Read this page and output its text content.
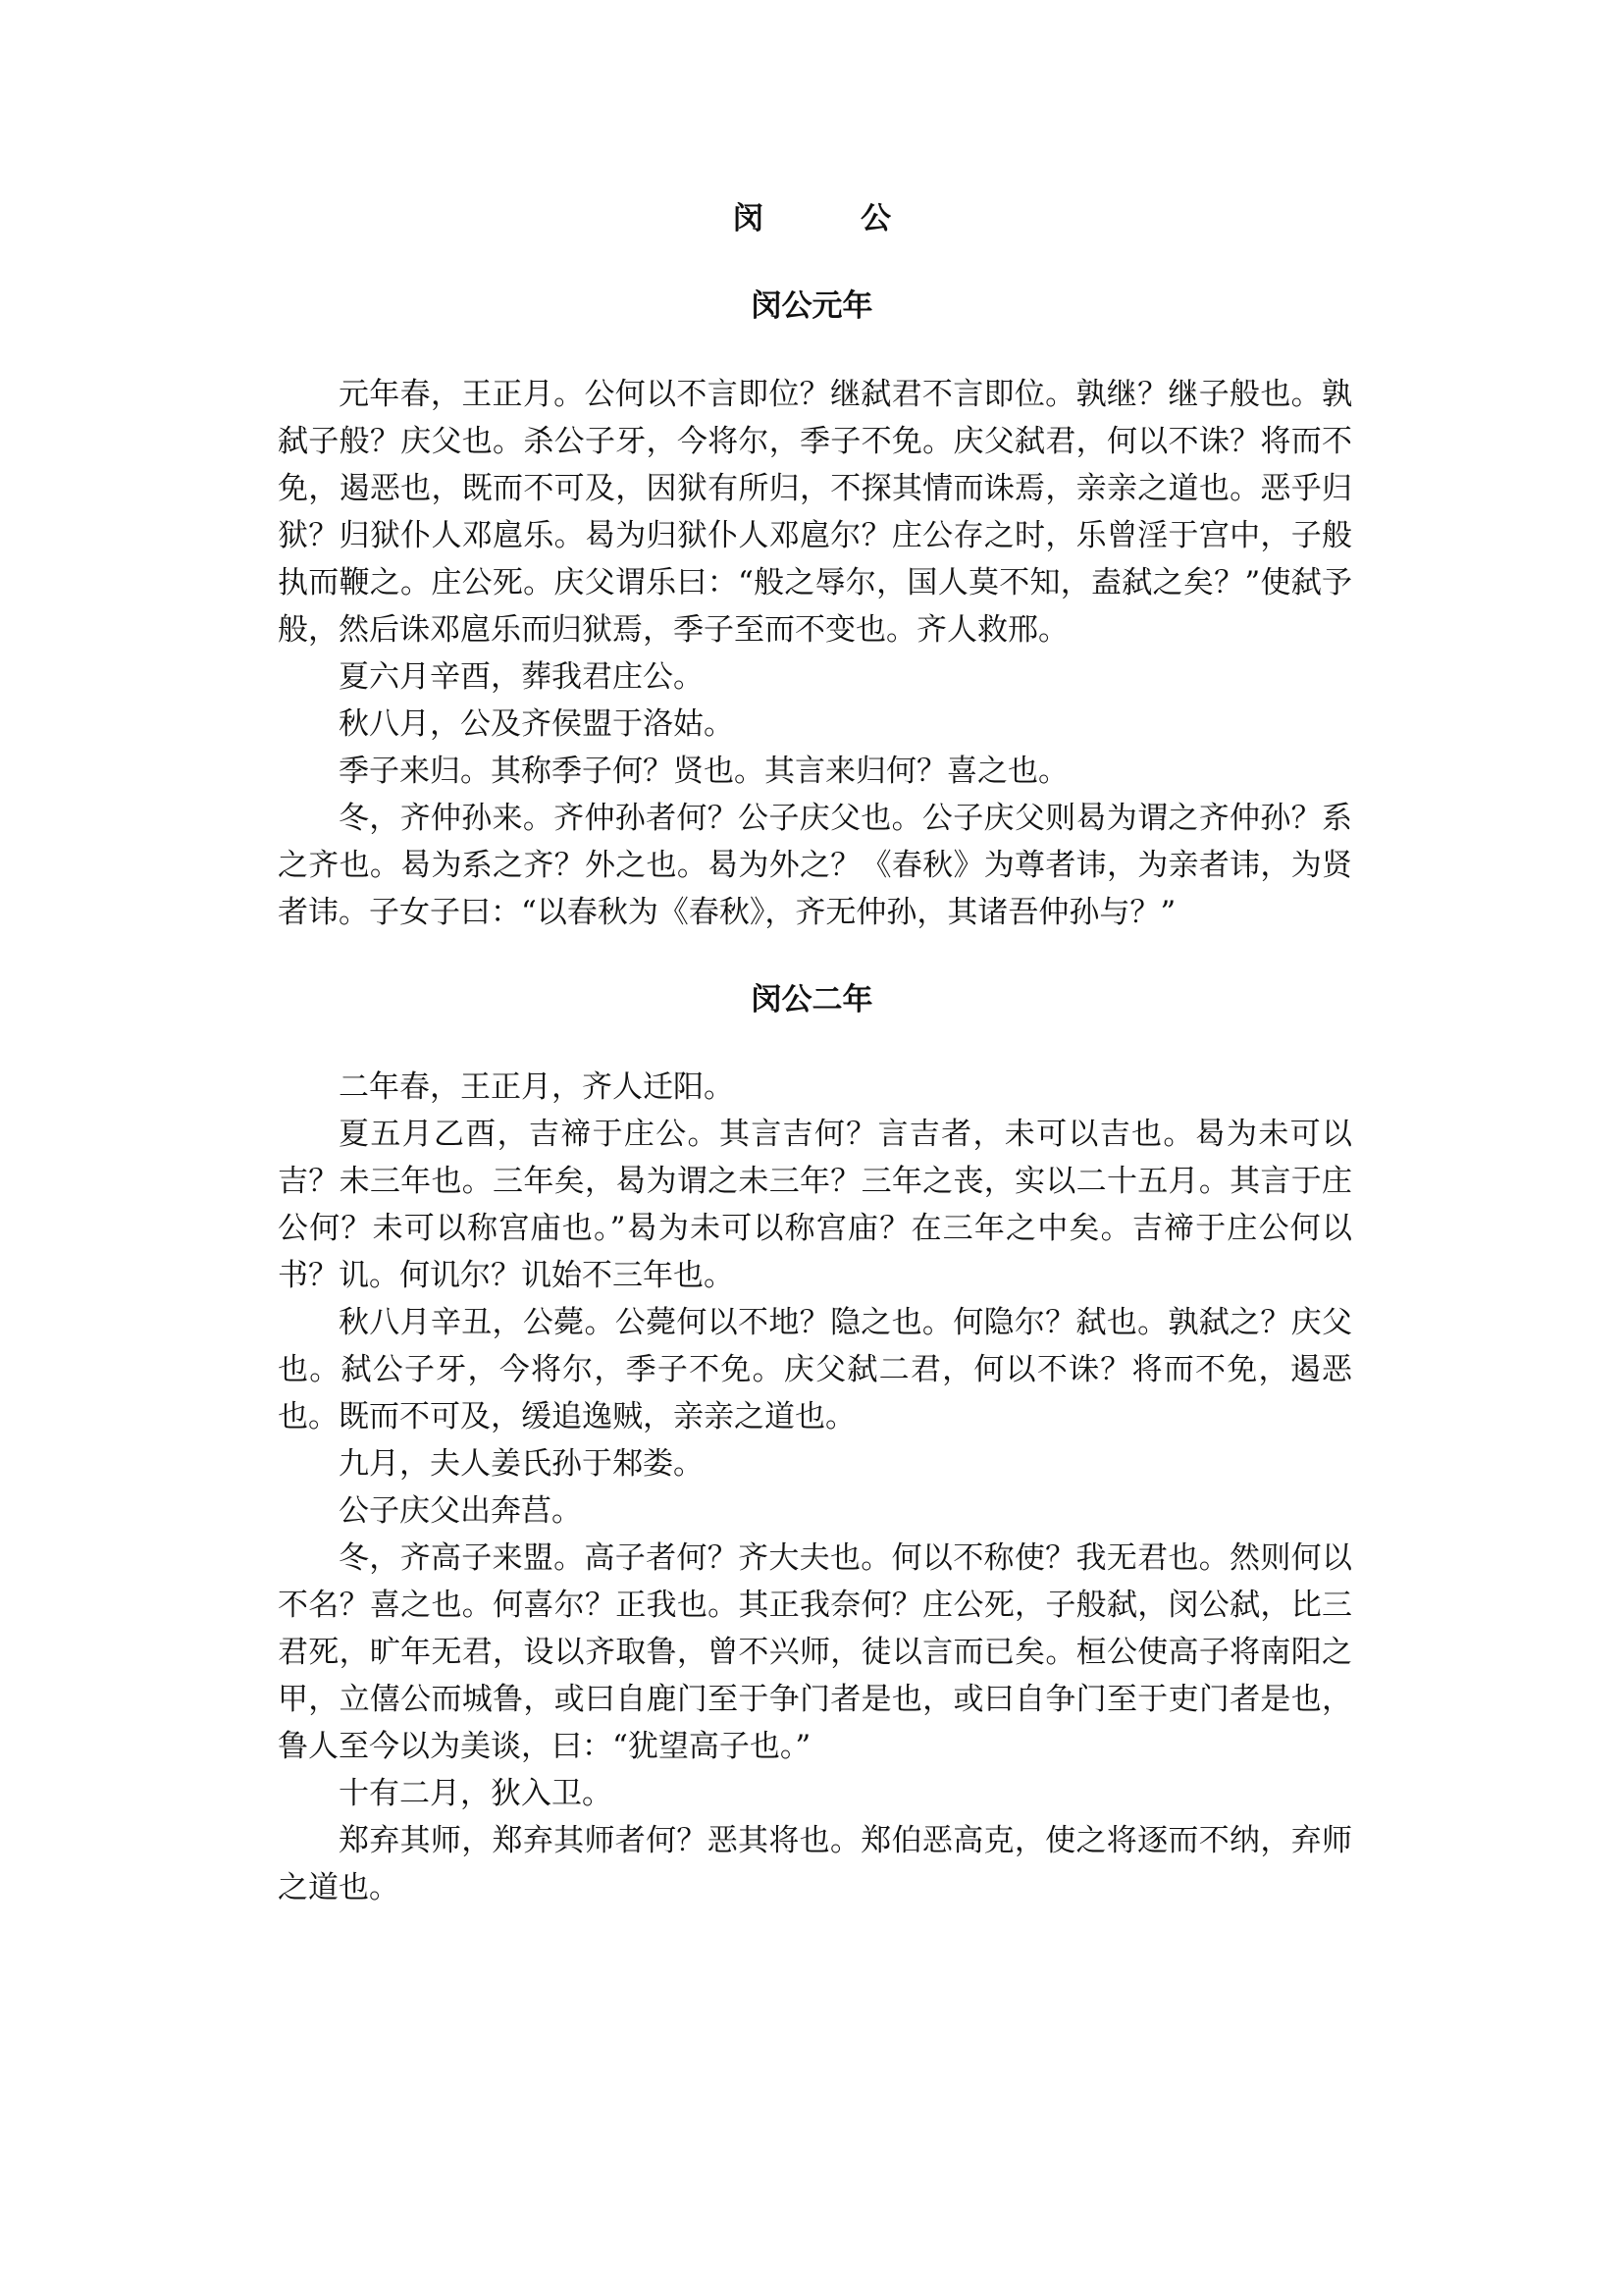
闵　公
闵公元年

元年春，王正月。公何以不言即位？继弑君不言即位。孰继？继子般也。孰弑子般？庆父也。杀公子牙，今将尔，季子不免。庆父弑君，何以不诛？将而不免，遏恶也，既而不可及，因狱有所归，不探其情而诛焉，亲亲之道也。恶乎归狱？归狱仆人邓扈乐。曷为归狱仆人邓扈尔？庄公存之时，乐曾淫于宫中，子般执而鞭之。庄公死。庆父谓乐曰：“般之辱尔，国人莫不知，盍弑之矣？”使弑予般，然后诛邓扈乐而归狱焉，季子至而不变也。齐人救邢。

夏六月辛酉，葬我君庄公。

秋八月，公及齐侯盟于洛姑。

季子来归。其称季子何？贤也。其言来归何？喜之也。

冬，齐仲孙来。齐仲孙者何？公子庆父也。公子庆父则曷为谓之齐仲孙？系之齐也。曷为系之齐？外之也。曷为外之？《春秋》为尊者讳，为亲者讳，为贤者讳。子女子曰：“以春秋为《春秋》，齐无仲孙，其诸吾仲孙与？”

闵公二年

二年春，王正月，齐人迁阳。

夏五月乙酉，吉禘于庄公。其言吉何？言吉者，未可以吉也。曷为未可以吉？未三年也。三年矣，曷为谓之未三年？三年之丧，实以二十五月。其言于庄公何？未可以称宫庙也。”曷为未可以称宫庙？在三年之中矣。吉禘于庄公何以书？讥。何讥尔？讥始不三年也。

秋八月辛丑，公薨。公薨何以不地？隐之也。何隐尔？弑也。孰弑之？庆父也。弑公子牙，今将尔，季子不免。庆父弑二君，何以不诛？将而不免，遏恶也。既而不可及，缓追逸贼，亲亲之道也。

九月，夫人姜氏孙于邾娄。

公子庆父出奔莒。

冬，齐高子来盟。高子者何？齐大夫也。何以不称使？我无君也。然则何以不名？喜之也。何喜尔？正我也。其正我奈何？庄公死，子般弑，闵公弑，比三君死，旷年无君，设以齐取鲁，曾不兴师，徒以言而已矣。桓公使高子将南阳之甲，立僖公而城鲁，或曰自鹿门至于争门者是也，或曰自争门至于吏门者是也，鲁人至今以为美谈，曰：“犹望高子也。”

十有二月，狄入卫。

郑弃其师，郑弃其师者何？恶其将也。郑伯恶高克，使之将逐而不纳，弃师之道也。
